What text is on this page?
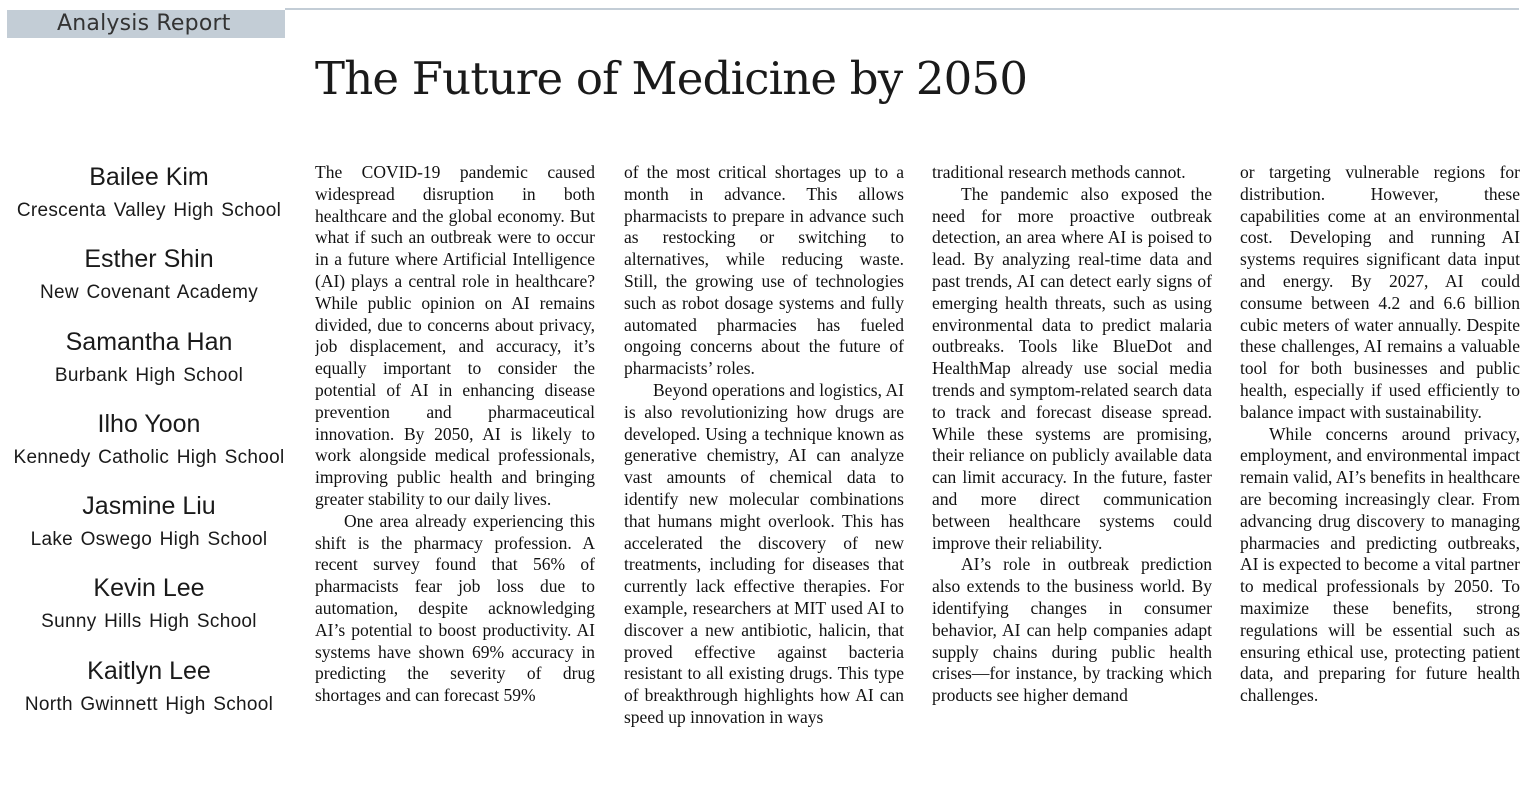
Analysis Report
The Future of Medicine by 2050
Bailee Kim
Crescenta Valley High School
Esther Shin
New Covenant Academy
Samantha Han
Burbank High School
Ilho Yoon
Kennedy Catholic High School
Jasmine Liu
Lake Oswego High School
Kevin Lee
Sunny Hills High School
Kaitlyn Lee
North Gwinnett High School

The COVID-19 pandemic caused widespread disruption in both healthcare and the global economy. But what if such an outbreak were to occur in a future where Artificial Intelligence (AI) plays a central role in healthcare? While public opinion on AI remains divided, due to concerns about privacy, job displacement, and accuracy, it’s equally important to consider the potential of AI in enhancing disease prevention and pharmaceutical innovation. By 2050, AI is likely to work alongside medical professionals, improving public health and bringing greater stability to our daily lives.

One area already experiencing this shift is the pharmacy profession. A recent survey found that 56% of pharmacists fear job loss due to automation, despite acknowledging AI’s potential to boost productivity. AI systems have shown 69% accuracy in predicting the severity of drug shortages and can forecast 59%

of the most critical shortages up to a month in advance. This allows pharmacists to prepare in advance such as restocking or switching to alternatives, while reducing waste. Still, the growing use of technologies such as robot dosage systems and fully automated pharmacies has fueled ongoing concerns about the future of pharmacists’ roles.

Beyond operations and logistics, AI is also revolutionizing how drugs are developed. Using a technique known as generative chemistry, AI can analyze vast amounts of chemical data to identify new molecular combinations that humans might overlook. This has accelerated the discovery of new treatments, including for diseases that currently lack effective therapies. For example, researchers at MIT used AI to discover a new antibiotic, halicin, that proved effective against bacteria resistant to all existing drugs. This type of breakthrough highlights how AI can speed up innovation in ways

traditional research methods cannot.

The pandemic also exposed the need for more proactive outbreak detection, an area where AI is poised to lead. By analyzing real-time data and past trends, AI can detect early signs of emerging health threats, such as using environmental data to predict malaria outbreaks. Tools like BlueDot and HealthMap already use social media trends and symptom-related search data to track and forecast disease spread. While these systems are promising, their reliance on publicly available data can limit accuracy. In the future, faster and more direct communication between healthcare systems could improve their reliability.

AI’s role in outbreak prediction also extends to the business world. By identifying changes in consumer behavior, AI can help companies adapt supply chains during public health crises—for instance, by tracking which products see higher demand

or targeting vulnerable regions for distribution. However, these capabilities come at an environmental cost. Developing and running AI systems requires significant data input and energy. By 2027, AI could consume between 4.2 and 6.6 billion cubic meters of water annually. Despite these challenges, AI remains a valuable tool for both businesses and public health, especially if used efficiently to balance impact with sustainability.

While concerns around privacy, employment, and environmental impact remain valid, AI’s benefits in healthcare are becoming increasingly clear. From advancing drug discovery to managing pharmacies and predicting outbreaks, AI is expected to become a vital partner to medical professionals by 2050. To maximize these benefits, strong regulations will be essential such as ensuring ethical use, protecting patient data, and preparing for future health challenges.
